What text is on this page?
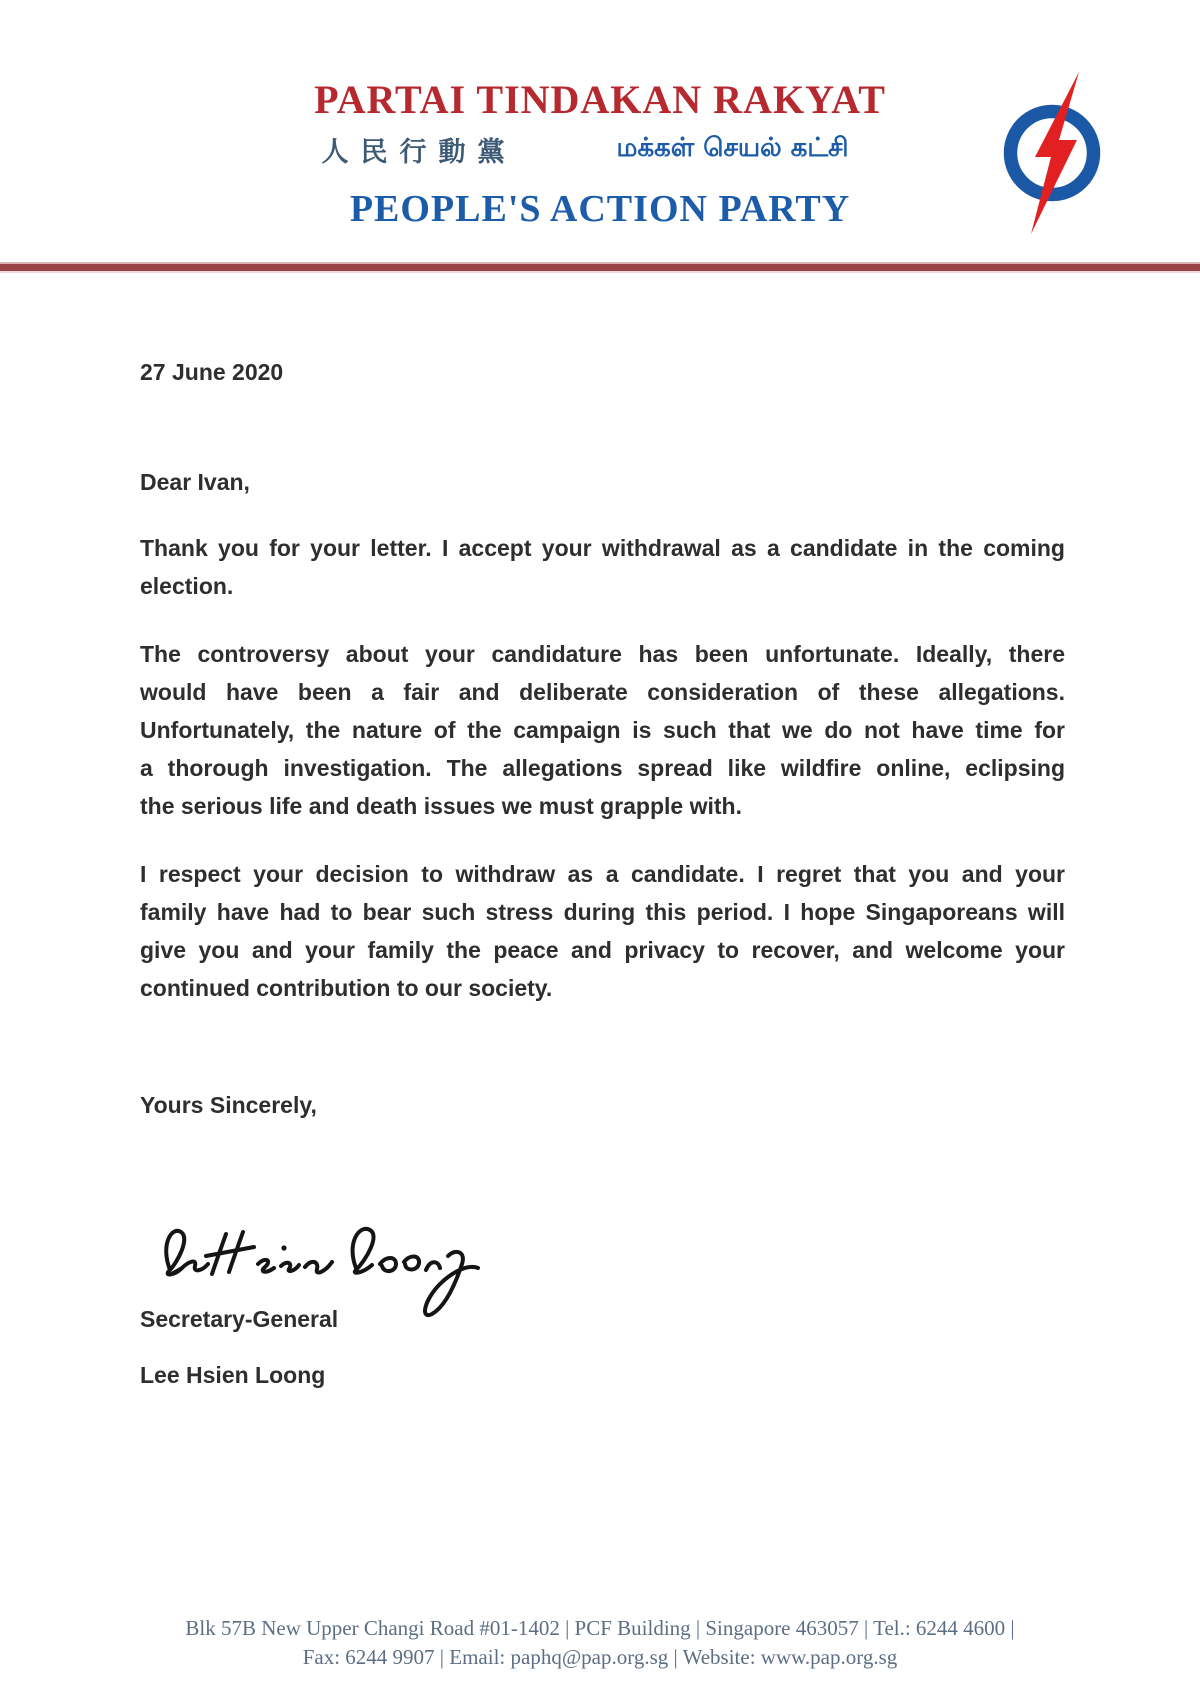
PARTAI TINDAKAN RAKYAT
人民行動黨	மக்கள் செயல் கட்சி
PEOPLE'S ACTION PARTY
27 June 2020
Dear Ivan,
Thank you for your letter. I accept your withdrawal as a candidate in the coming
election.
The controversy about your candidature has been unfortunate. Ideally, there
would have been a fair and deliberate consideration of these allegations.
Unfortunately, the nature of the campaign is such that we do not have time for
a thorough investigation. The allegations spread like wildfire online, eclipsing
the serious life and death issues we must grapple with.
I respect your decision to withdraw as a candidate. I regret that you and your
family have had to bear such stress during this period. I hope Singaporeans will
give you and your family the peace and privacy to recover, and welcome your
continued contribution to our society.
Yours Sincerely,
Secretary-General
Lee Hsien Loong
Blk 57B New Upper Changi Road #01-1402 | PCF Building | Singapore 463057 | Tel.: 6244 4600 |
Fax: 6244 9907 | Email: paphq@pap.org.sg | Website: www.pap.org.sg
